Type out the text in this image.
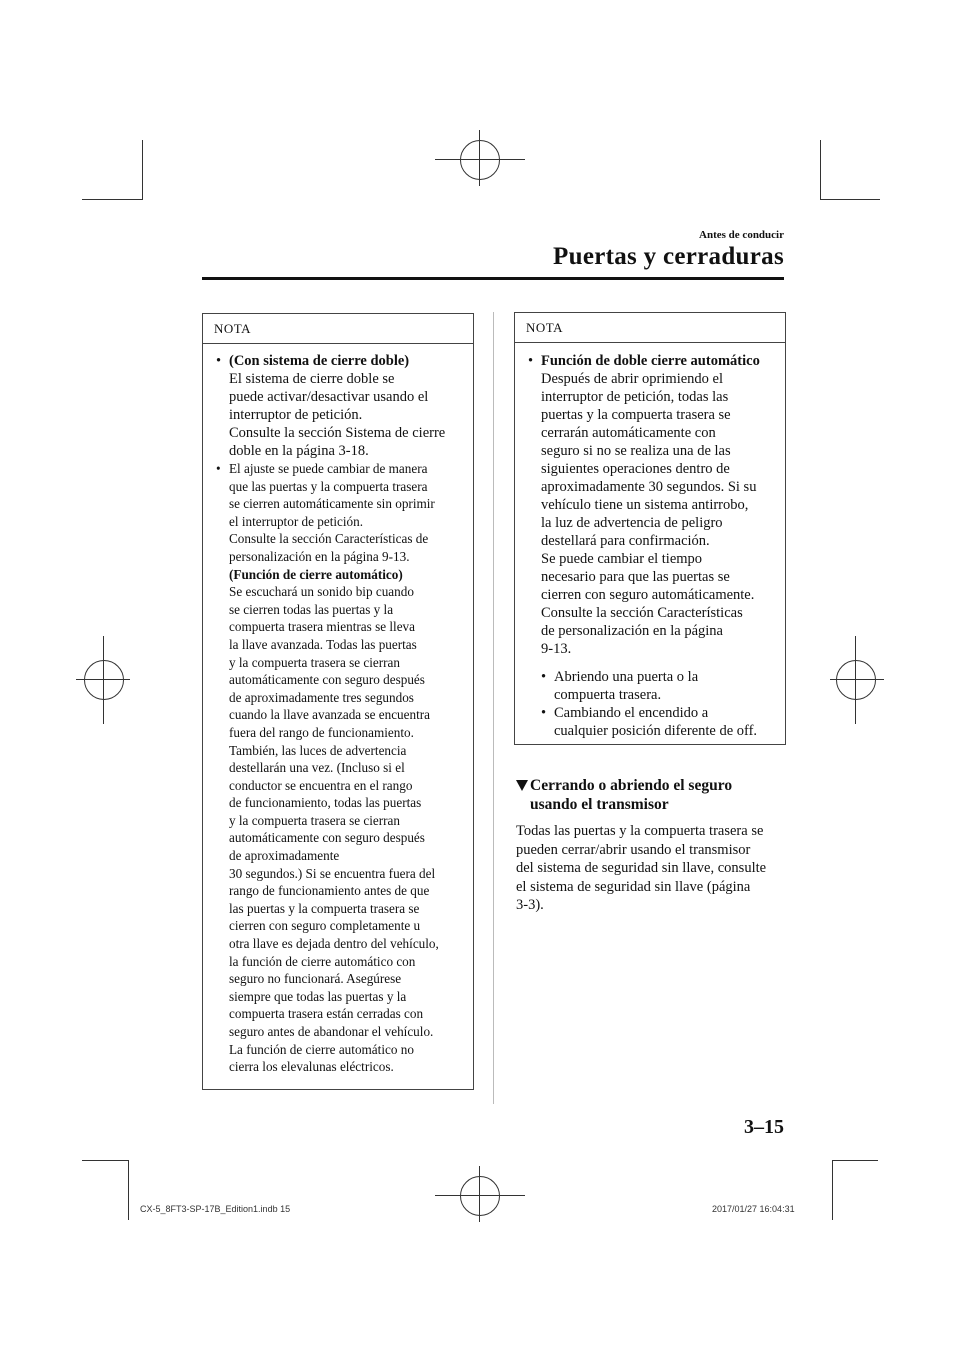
Antes de conducir
Puertas y cerraduras
NOTA
• (Con sistema de cierre doble)
El sistema de cierre doble se
puede activar/desactivar usando el
interruptor de petición.
Consulte la sección Sistema de cierre
doble en la página 3-18.
• El ajuste se puede cambiar de manera
que las puertas y la compuerta trasera
se cierren automáticamente sin oprimir
el interruptor de petición.
Consulte la sección Características de
personalización en la página 9-13.
(Función de cierre automático)
Se escuchará un sonido bip cuando
se cierren todas las puertas y la
compuerta trasera mientras se lleva
la llave avanzada. Todas las puertas
y la compuerta trasera se cierran
automáticamente con seguro después
de aproximadamente tres segundos
cuando la llave avanzada se encuentra
fuera del rango de funcionamiento.
También, las luces de advertencia
destellarán una vez. (Incluso si el
conductor se encuentra en el rango
de funcionamiento, todas las puertas
y la compuerta trasera se cierran
automáticamente con seguro después
de aproximadamente
30 segundos.) Si se encuentra fuera del
rango de funcionamiento antes de que
las puertas y la compuerta trasera se
cierren con seguro completamente u
otra llave es dejada dentro del vehículo,
la función de cierre automático con
seguro no funcionará. Asegúrese
siempre que todas las puertas y la
compuerta trasera están cerradas con
seguro antes de abandonar el vehículo.
La función de cierre automático no
cierra los elevalunas eléctricos.
NOTA
• Función de doble cierre automático
Después de abrir oprimiendo el
interruptor de petición, todas las
puertas y la compuerta trasera se
cerrarán automáticamente con
seguro si no se realiza una de las
siguientes operaciones dentro de
aproximadamente 30 segundos. Si su
vehículo tiene un sistema antirrobo,
la luz de advertencia de peligro
destellará para confirmación.
Se puede cambiar el tiempo
necesario para que las puertas se
cierren con seguro automáticamente.
Consulte la sección Características
de personalización en la página
9-13.
• Abriendo una puerta o la
compuerta trasera.
• Cambiando el encendido a
cualquier posición diferente de off.
Cerrando o abriendo el seguro
usando el transmisor
Todas las puertas y la compuerta trasera se
pueden cerrar/abrir usando el transmisor
del sistema de seguridad sin llave, consulte
el sistema de seguridad sin llave (página
3-3).
3–15
CX-5_8FT3-SP-17B_Edition1.indb 15	2017/01/27 16:04:31
